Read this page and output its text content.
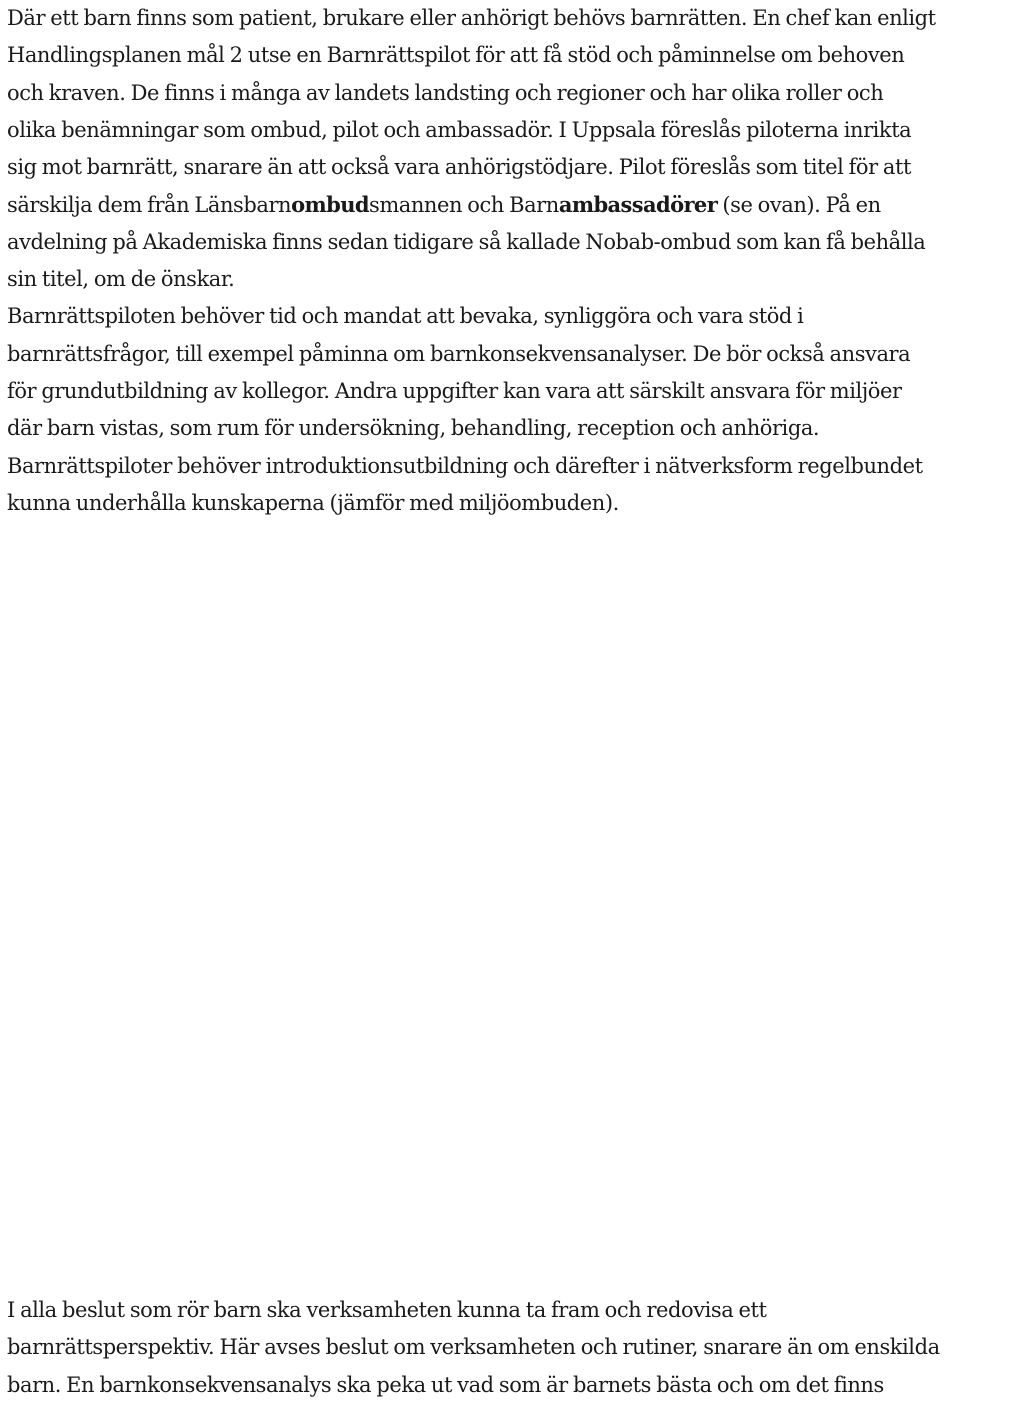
Där ett barn finns som patient, brukare eller anhörigt behövs barnrätten. En chef kan enligt
Handlingsplanen mål 2 utse en Barnrättspilot för att få stöd och påminnelse om behoven
och kraven. De finns i många av landets landsting och regioner och har olika roller och
olika benämningar som ombud, pilot och ambassadör. I Uppsala föreslås piloterna inrikta
sig mot barnrätt, snarare än att också vara anhörigstödjare. Pilot föreslås som titel för att
särskilja dem från Länsbarnombudsmannen och Barnambassadörer (se ovan). På en
avdelning på Akademiska finns sedan tidigare så kallade Nobab-ombud som kan få behålla
sin titel, om de önskar.
Barnrättspiloten behöver tid och mandat att bevaka, synliggöra och vara stöd i
barnrättsfrågor, till exempel påminna om barnkonsekvensanalyser. De bör också ansvara
för grundutbildning av kollegor. Andra uppgifter kan vara att särskilt ansvara för miljöer
där barn vistas, som rum för undersökning, behandling, reception och anhöriga.
Barnrättspiloter behöver introduktionsutbildning och därefter i nätverksform regelbundet
kunna underhålla kunskaperna (jämför med miljöombuden).
I alla beslut som rör barn ska verksamheten kunna ta fram och redovisa ett
barnrättsperspektiv. Här avses beslut om verksamheten och rutiner, snarare än om enskilda
barn. En barnkonsekvensanalys ska peka ut vad som är barnets bästa och om det finns
